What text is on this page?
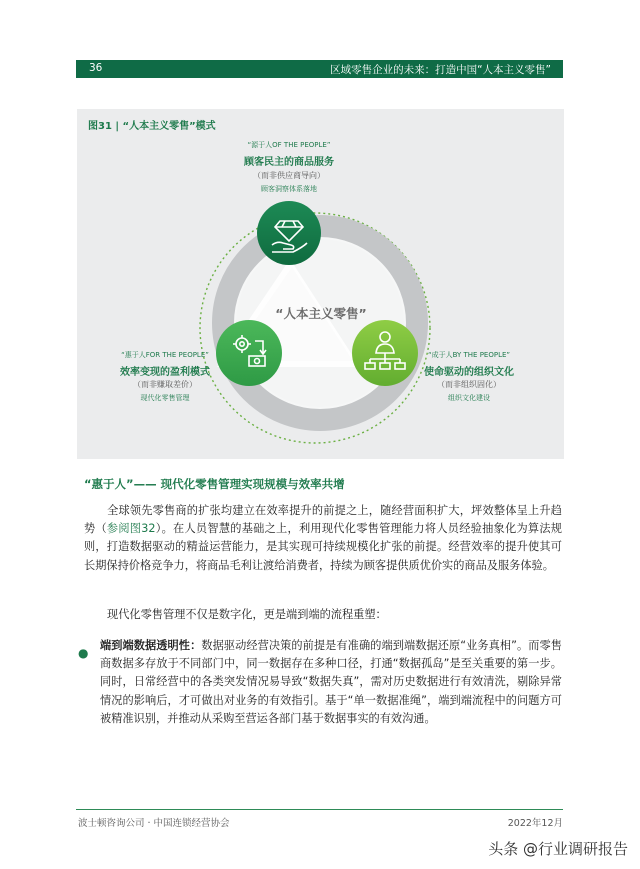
36	区域零售企业的未来：打造中国“人本主义零售”
图31 | “人本主义零售”模式
“人本主义零售”
“源于人OF THE PEOPLE”
顾客民主的商品服务
（而非供应商导向）
顾客洞察体系落地
“惠于人FOR THE PEOPLE”
效率变现的盈利模式
（而非赚取差价）
现代化零售管理
“成于人BY THE PEOPLE”
使命驱动的组织文化
（而非组织固化）
组织文化建设
“惠于人”—— 现代化零售管理实现规模与效率共增
全球领先零售商的扩张均建立在效率提升的前提之上，随经营面积扩大，坪效整体呈上升趋势（参阅图32）。在人员智慧的基础之上，利用现代化零售管理能力将人员经验抽象化为算法规则，打造数据驱动的精益运营能力，是其实现可持续规模化扩张的前提。经营效率的提升使其可长期保持价格竞争力，将商品毛利让渡给消费者，持续为顾客提供质优价实的商品及服务体验。
现代化零售管理不仅是数字化，更是端到端的流程重塑：
●
端到端数据透明性：数据驱动经营决策的前提是有准确的端到端数据还原“业务真相”。而零售商数据多存放于不同部门中，同一数据存在多种口径，打通“数据孤岛”是至关重要的第一步。同时，日常经营中的各类突发情况易导致“数据失真”，需对历史数据进行有效清洗，剔除异常情况的影响后，才可做出对业务的有效指引。基于“单一数据准绳”，端到端流程中的问题方可被精准识别，并推动从采购至营运各部门基于数据事实的有效沟通。
波士顿咨询公司 · 中国连锁经营协会	2022年12月
头条 @行业调研报告
